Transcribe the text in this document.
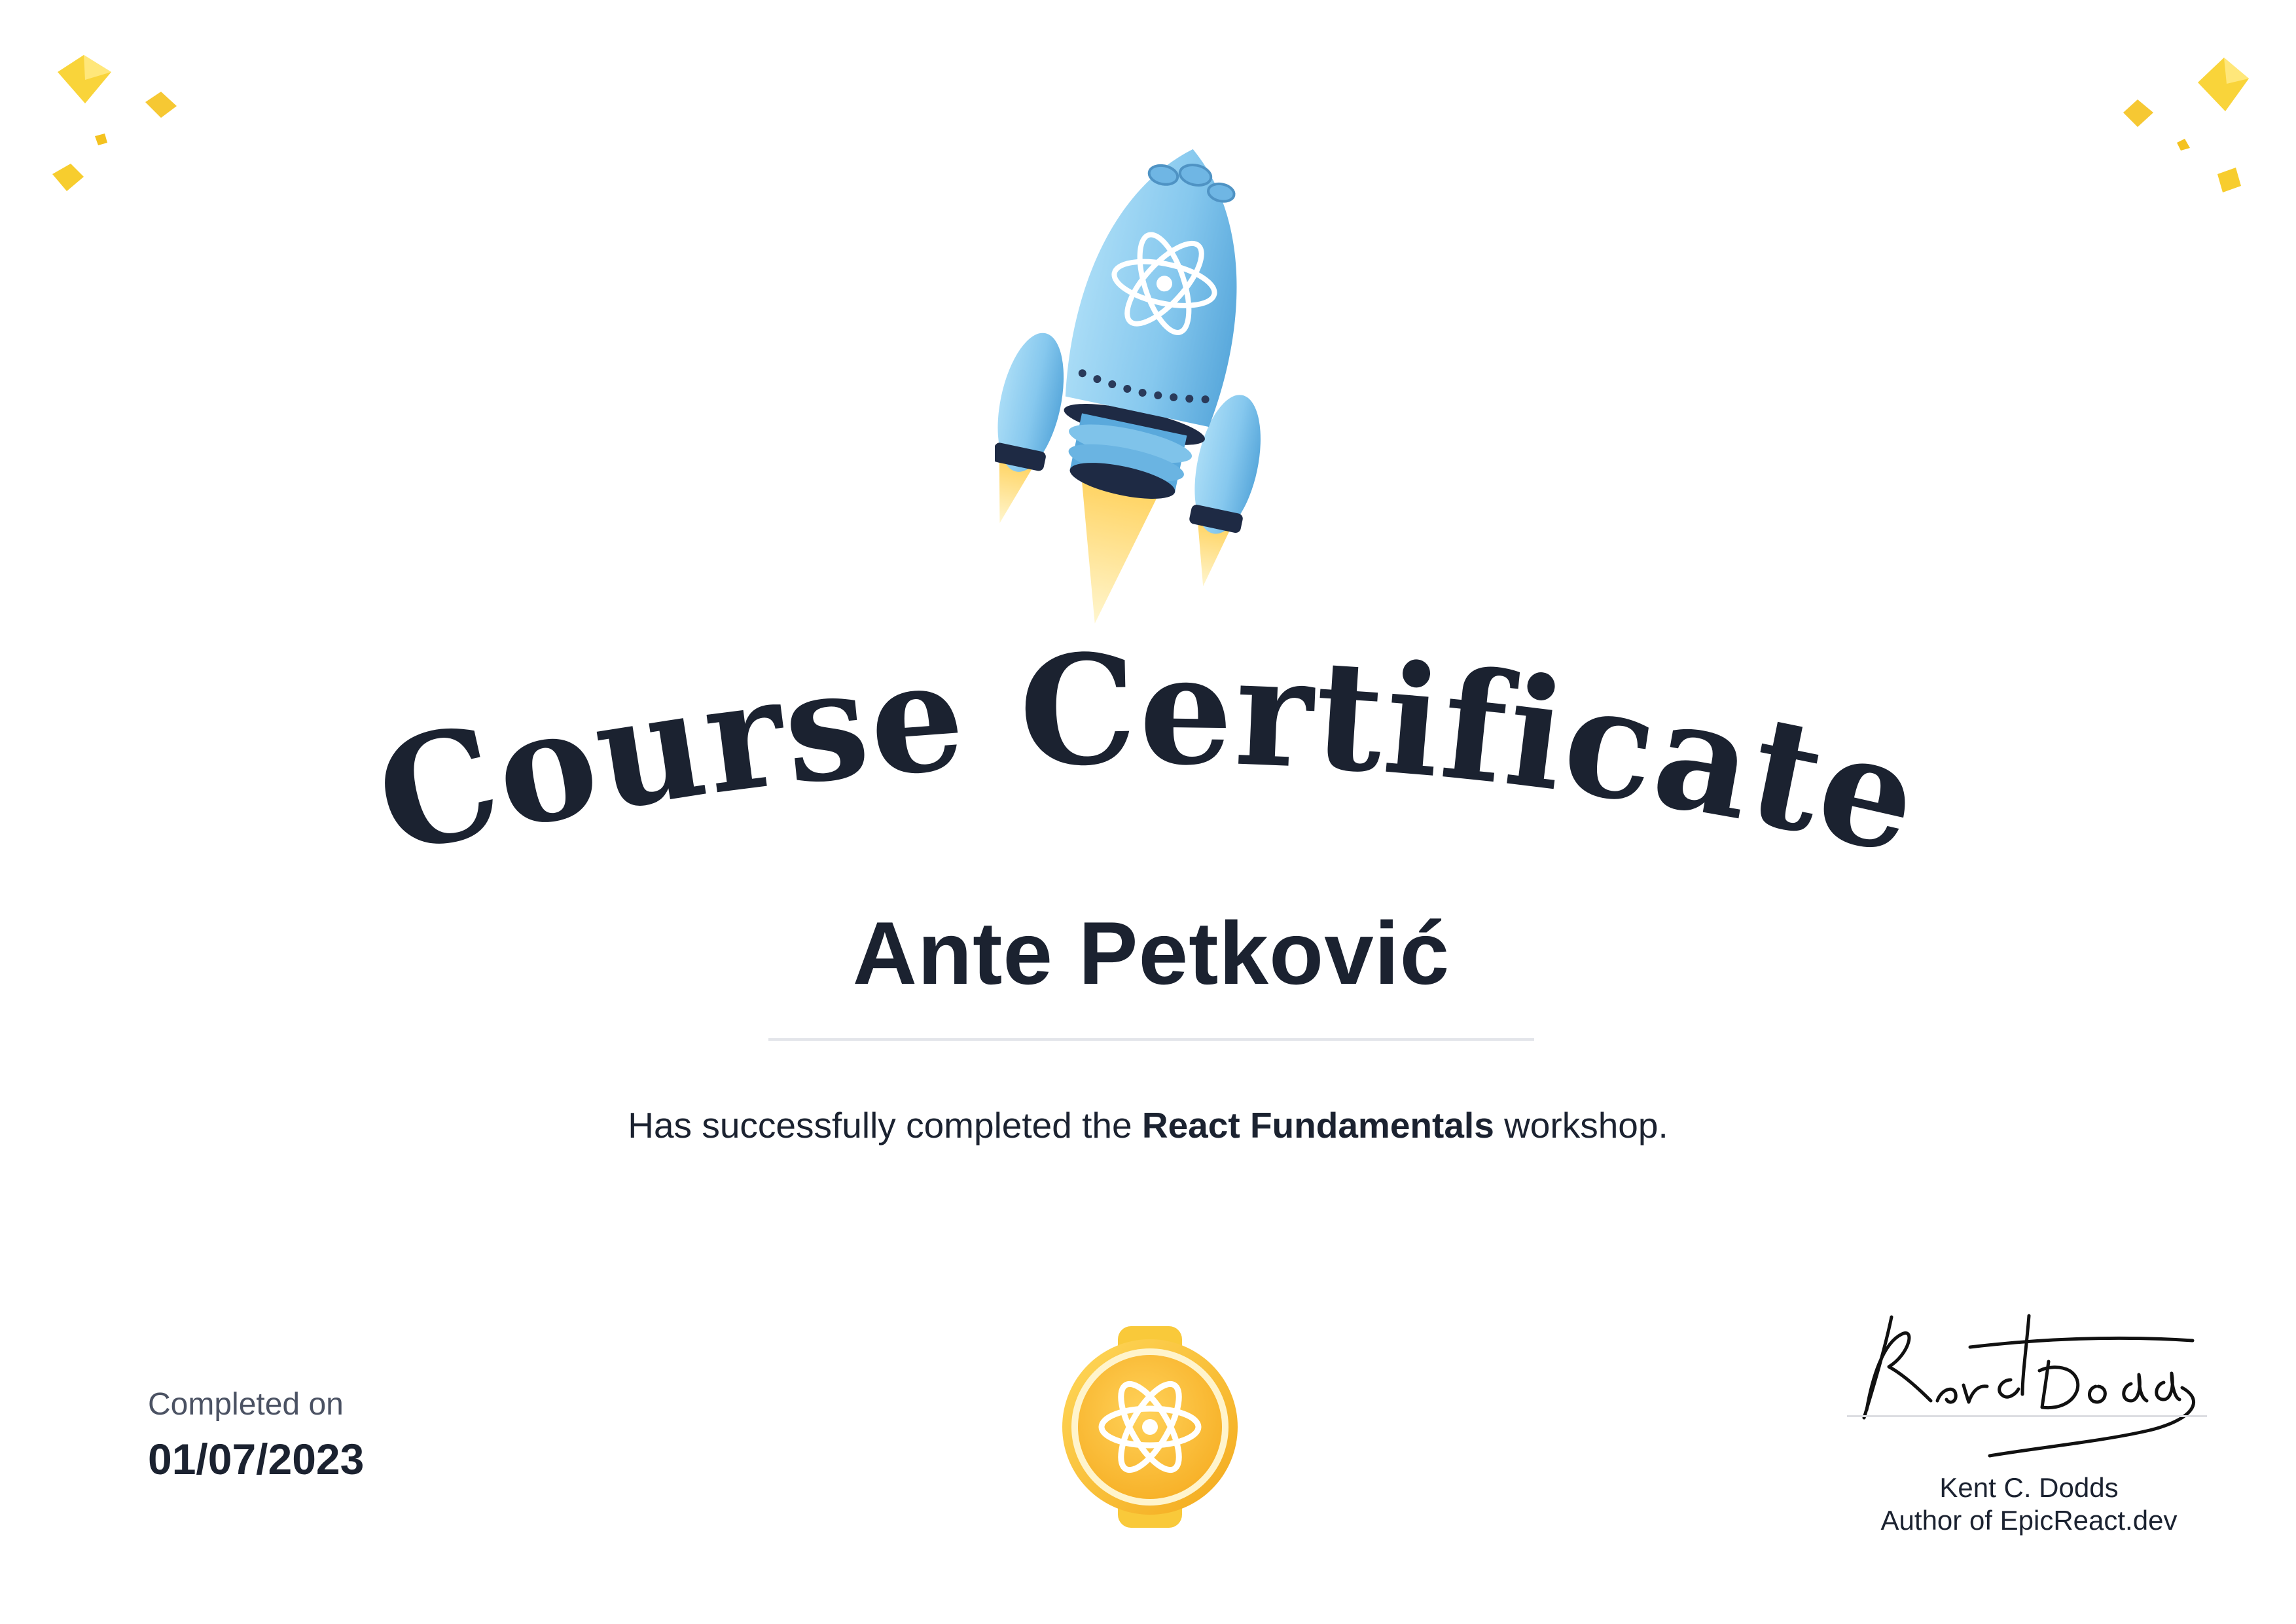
Course Certificate
Ante Petković
Has successfully completed the React Fundamentals workshop.
Completed on
01/07/2023
Kent C. Dodds
Author of EpicReact.dev
